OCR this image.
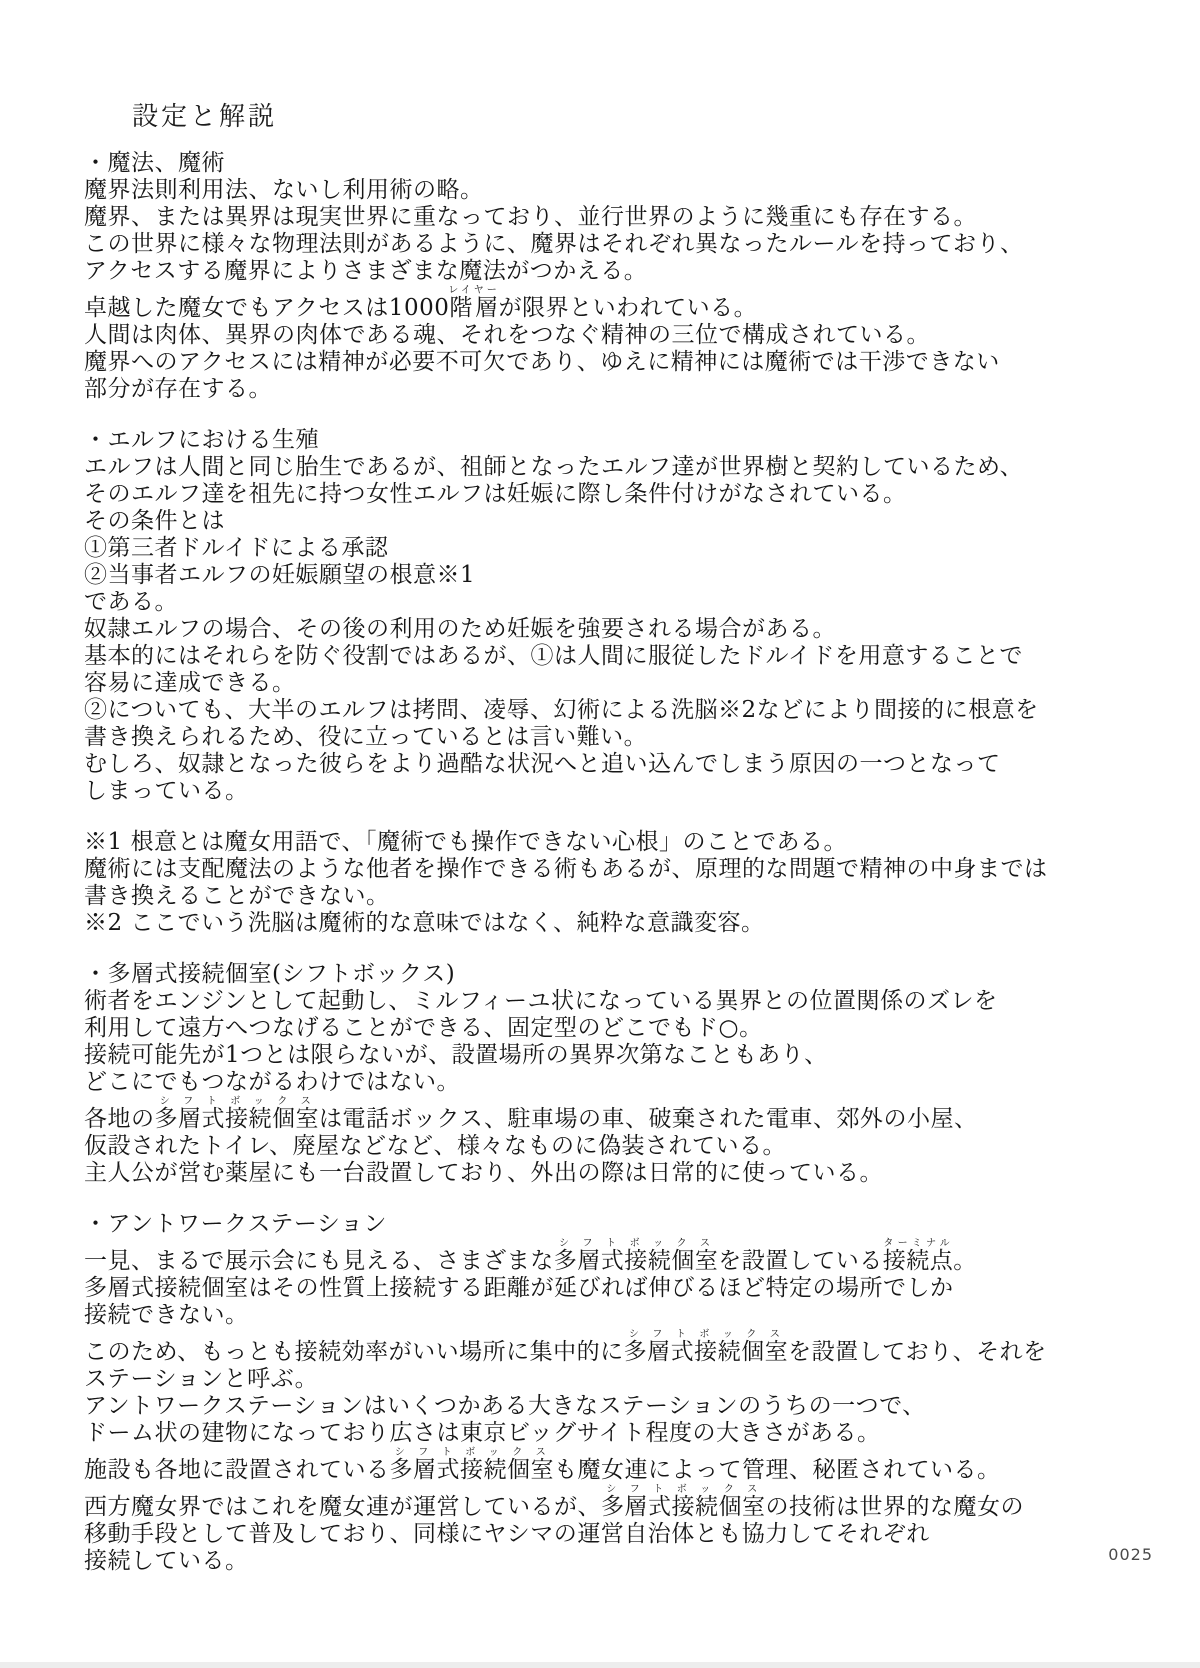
設定と解説

・魔法、魔術

魔界法則利用法、ないし利用術の略。

魔界、または異界は現実世界に重なっており、並行世界のように幾重にも存在する。

この世界に様々な物理法則があるように、魔界はそれぞれ異なったルールを持っており、

アクセスする魔界によりさまざまな魔法がつかえる。

卓越した魔女でもアクセスは1000階層レイヤーが限界といわれている。

人間は肉体、異界の肉体である魂、それをつなぐ精神の三位で構成されている。

魔界へのアクセスには精神が必要不可欠であり、ゆえに精神には魔術では干渉できない

部分が存在する。

・エルフにおける生殖

エルフは人間と同じ胎生であるが、祖師となったエルフ達が世界樹と契約しているため、

そのエルフ達を祖先に持つ女性エルフは妊娠に際し条件付けがなされている。

その条件とは

①第三者ドルイドによる承認

②当事者エルフの妊娠願望の根意※1

である。

奴隷エルフの場合、その後の利用のため妊娠を強要される場合がある。

基本的にはそれらを防ぐ役割ではあるが、①は人間に服従したドルイドを用意することで

容易に達成できる。

②についても、大半のエルフは拷問、凌辱、幻術による洗脳※2などにより間接的に根意を

書き換えられるため、役に立っているとは言い難い。

むしろ、奴隷となった彼らをより過酷な状況へと追い込んでしまう原因の一つとなって

しまっている。

※1 根意とは魔女用語で、「魔術でも操作できない心根」のことである。

魔術には支配魔法のような他者を操作できる術もあるが、原理的な問題で精神の中身までは

書き換えることができない。

※2 ここでいう洗脳は魔術的な意味ではなく、純粋な意識変容。

・多層式接続個室(シフトボックス)

術者をエンジンとして起動し、ミルフィーユ状になっている異界との位置関係のズレを

利用して遠方へつなげることができる、固定型のどこでもド○。

接続可能先が1つとは限らないが、設置場所の異界次第なこともあり、

どこにでもつながるわけではない。

各地の多層式接続個室シフトボックスは電話ボックス、駐車場の車、破棄された電車、郊外の小屋、

仮設されたトイレ、廃屋などなど、様々なものに偽装されている。

主人公が営む薬屋にも一台設置しており、外出の際は日常的に使っている。

・アントワークステーション

一見、まるで展示会にも見える、さまざまな多層式接続個室シフトボックスを設置している接続点ターミナル。

多層式接続個室はその性質上接続する距離が延びれば伸びるほど特定の場所でしか

接続できない。

このため、もっとも接続効率がいい場所に集中的に多層式接続個室シフトボックスを設置しており、それを

ステーションと呼ぶ。

アントワークステーションはいくつかある大きなステーションのうちの一つで、

ドーム状の建物になっており広さは東京ビッグサイト程度の大きさがある。

施設も各地に設置されている多層式接続個室シフトボックスも魔女連によって管理、秘匿されている。

西方魔女界ではこれを魔女連が運営しているが、多層式接続個室シフトボックスの技術は世界的な魔女の

移動手段として普及しており、同様にヤシマの運営自治体とも協力してそれぞれ

接続している。	0025
